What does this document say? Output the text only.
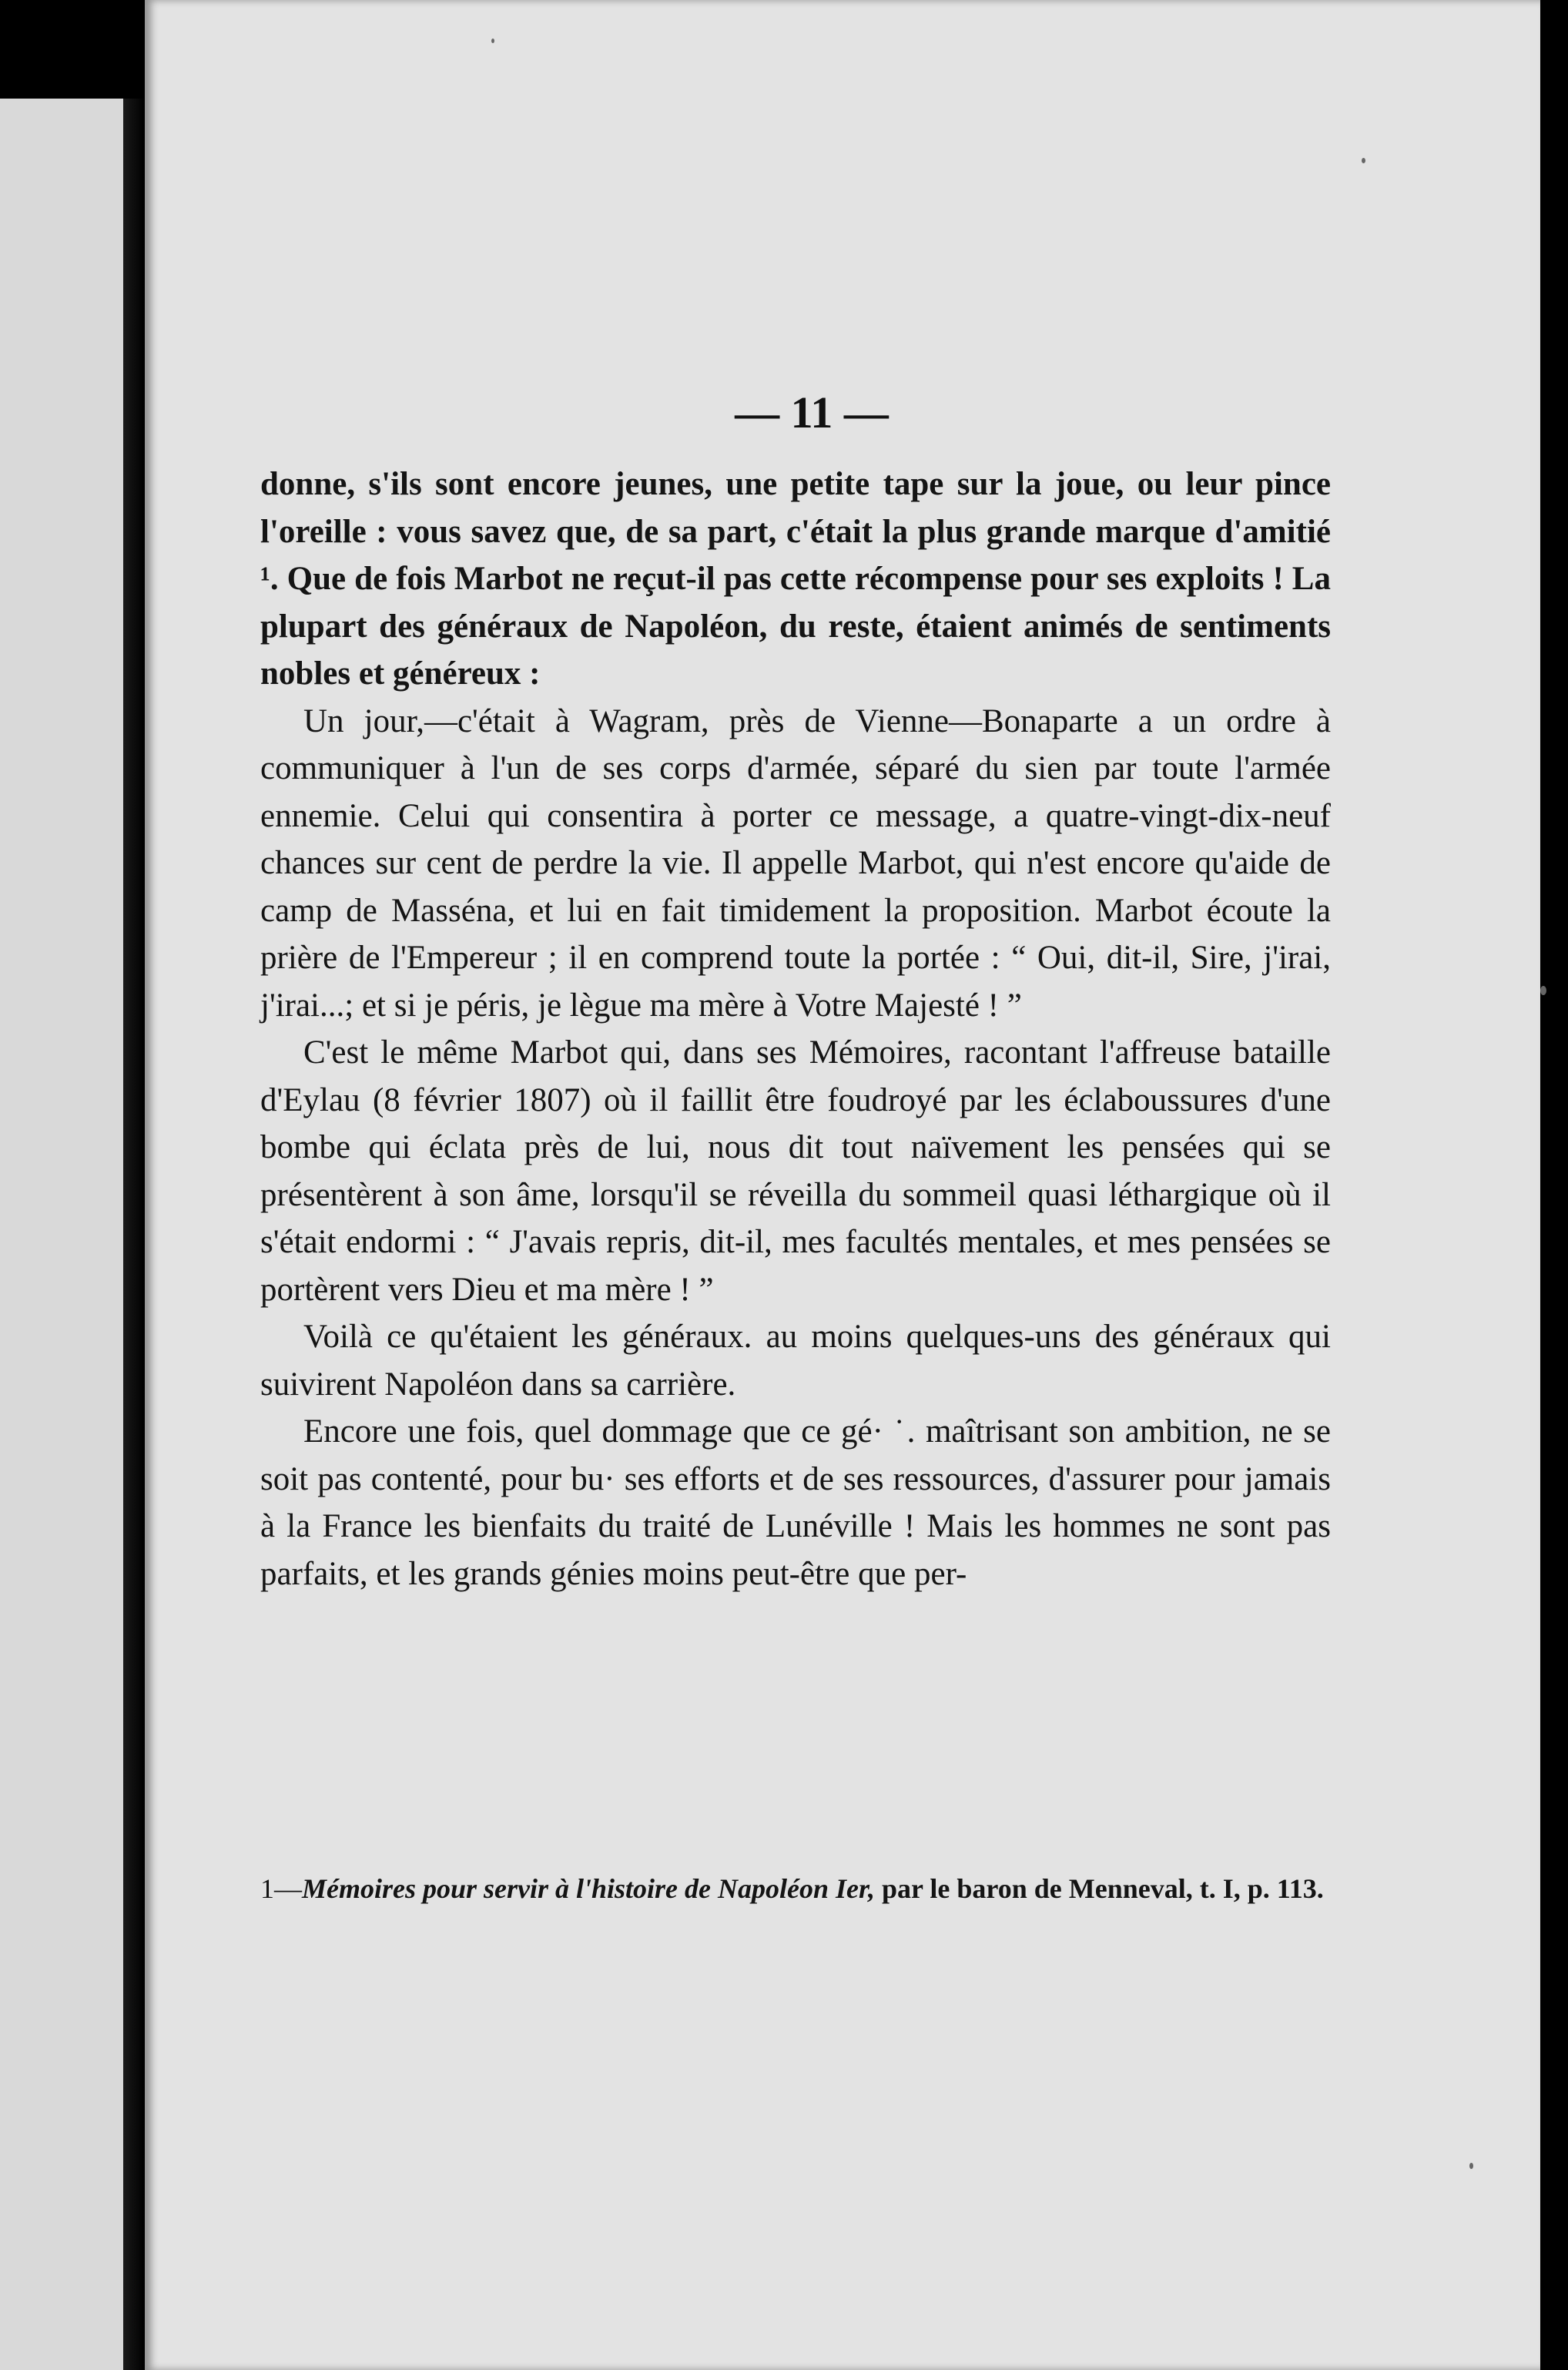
— 11 —

donne, s'ils sont encore jeunes, une petite tape sur la joue, ou leur pince l'oreille : vous savez que, de sa part, c'était la plus grande marque d'amitié ¹. Que de fois Marbot ne reçut-il pas cette récompense pour ses exploits ! La plupart des généraux de Napoléon, du reste, étaient animés de sentiments nobles et généreux :

Un jour,—c'était à Wagram, près de Vienne—Bonaparte a un ordre à communiquer à l'un de ses corps d'armée, séparé du sien par toute l'armée ennemie. Celui qui consentira à porter ce message, a quatre-vingt-dix-neuf chances sur cent de perdre la vie. Il appelle Marbot, qui n'est encore qu'aide de camp de Masséna, et lui en fait timidement la proposition. Marbot écoute la prière de l'Empereur ; il en comprend toute la portée : “ Oui, dit-il, Sire, j'irai, j'irai...; et si je péris, je lègue ma mère à Votre Majesté ! ”

C'est le même Marbot qui, dans ses Mémoires, racontant l'affreuse bataille d'Eylau (8 février 1807) où il faillit être foudroyé par les éclaboussures d'une bombe qui éclata près de lui, nous dit tout naïvement les pensées qui se présentèrent à son âme, lorsqu'il se réveilla du sommeil quasi léthargique où il s'était endormi : “ J'avais repris, dit-il, mes facultés mentales, et mes pensées se portèrent vers Dieu et ma mère ! ”

Voilà ce qu'étaient les généraux. au moins quelques-uns des généraux qui suivirent Napoléon dans sa carrière.

Encore une fois, quel dommage que ce gé· ˙. maîtrisant son ambition, ne se soit pas contenté, pour bu· ses efforts et de ses ressources, d'assurer pour jamais à la France les bienfaits du traité de Lunéville ! Mais les hommes ne sont pas parfaits, et les grands génies moins peut-être que per-

1—Mémoires pour servir à l'histoire de Napoléon Ier, par le baron de Menneval, t. I, p. 113.
